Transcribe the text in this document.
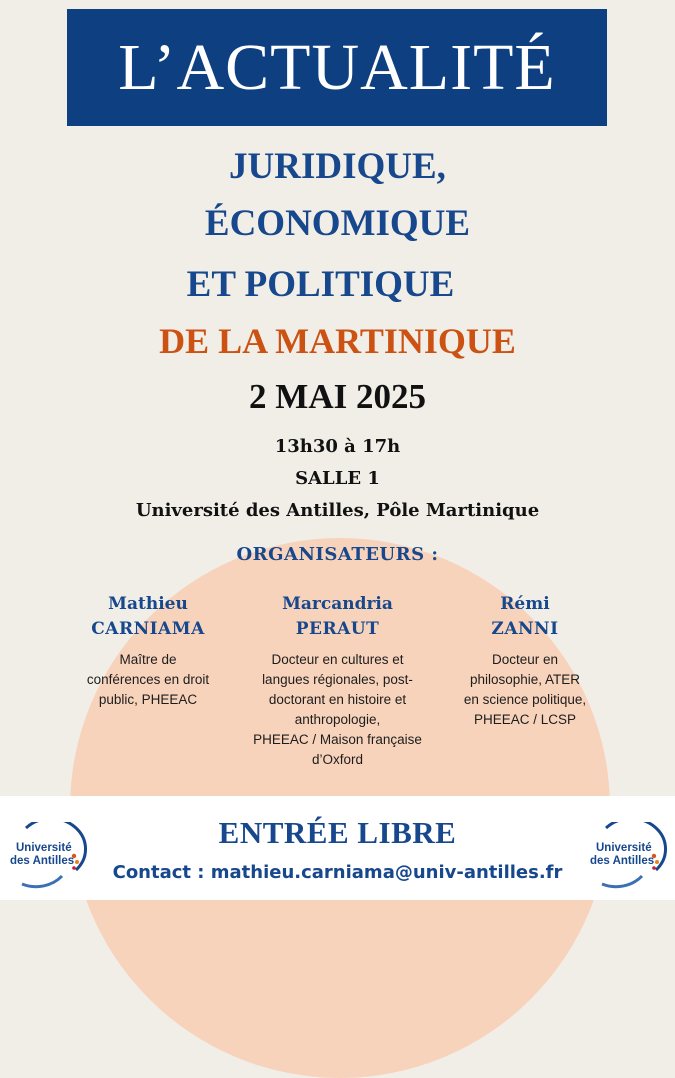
L’ACTUALITÉ
JURIDIQUE,
ÉCONOMIQUE
ET POLITIQUE
DE LA MARTINIQUE
2 MAI 2025
13h30 à 17h
SALLE 1
Université des Antilles, Pôle Martinique
ORGANISATEURS :
Mathieu
CARNIAMA
Maître de
conférences en droit
public, PHEEAC
Marcandria
PERAUT
Docteur en cultures et
langues régionales, post-
doctorant en histoire et
anthropologie,
PHEEAC / Maison française
d’Oxford
Rémi
ZANNI
Docteur en
philosophie, ATER
en science politique,
PHEEAC / LCSP
Université
des Antilles
Université
des Antilles
ENTRÉE LIBRE
Contact : mathieu.carniama@univ-antilles.fr
